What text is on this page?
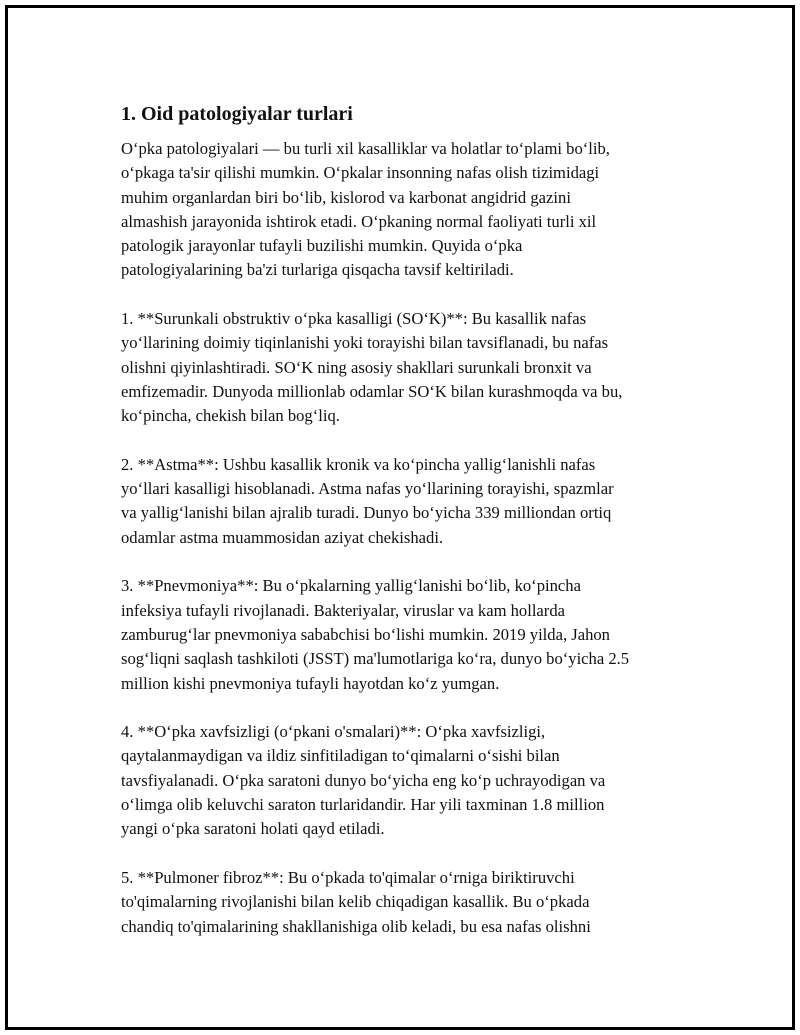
1. Oid patologiyalar turlari

O‘pka patologiyalari — bu turli xil kasalliklar va holatlar to‘plami bo‘lib,
o‘pkaga ta'sir qilishi mumkin. O‘pkalar insonning nafas olish tizimidagi
muhim organlardan biri bo‘lib, kislorod va karbonat angidrid gazini
almashish jarayonida ishtirok etadi. O‘pkaning normal faoliyati turli xil
patologik jarayonlar tufayli buzilishi mumkin. Quyida o‘pka
patologiyalarining ba'zi turlariga qisqacha tavsif keltiriladi.

1. **Surunkali obstruktiv o‘pka kasalligi (SO‘K)**: Bu kasallik nafas
yo‘llarining doimiy tiqinlanishi yoki torayishi bilan tavsiflanadi, bu nafas
olishni qiyinlashtiradi. SO‘K ning asosiy shakllari surunkali bronxit va
emfizemadir. Dunyoda millionlab odamlar SO‘K bilan kurashmoqda va bu,
ko‘pincha, chekish bilan bog‘liq.

2. **Astma**: Ushbu kasallik kronik va ko‘pincha yallig‘lanishli nafas
yo‘llari kasalligi hisoblanadi. Astma nafas yo‘llarining torayishi, spazmlar
va yallig‘lanishi bilan ajralib turadi. Dunyo bo‘yicha 339 milliondan ortiq
odamlar astma muammosidan aziyat chekishadi.

3. **Pnevmoniya**: Bu o‘pkalarning yallig‘lanishi bo‘lib, ko‘pincha
infeksiya tufayli rivojlanadi. Bakteriyalar, viruslar va kam hollarda
zamburug‘lar pnevmoniya sababchisi bo‘lishi mumkin. 2019 yilda, Jahon
sog‘liqni saqlash tashkiloti (JSST) ma'lumotlariga ko‘ra, dunyo bo‘yicha 2.5
million kishi pnevmoniya tufayli hayotdan ko‘z yumgan.

4. **O‘pka xavfsizligi (o‘pkani o'smalari)**: O‘pka xavfsizligi,
qaytalanmaydigan va ildiz sinfitiladigan to‘qimalarni o‘sishi bilan
tavsfiyalanadi. O‘pka saratoni dunyo bo‘yicha eng ko‘p uchrayodigan va
o‘limga olib keluvchi saraton turlaridandir. Har yili taxminan 1.8 million
yangi o‘pka saratoni holati qayd etiladi.

5. **Pulmoner fibroz**: Bu o‘pkada to'qimalar o‘rniga biriktiruvchi
to'qimalarning rivojlanishi bilan kelib chiqadigan kasallik. Bu o‘pkada
chandiq to'qimalarining shakllanishiga olib keladi, bu esa nafas olishni
